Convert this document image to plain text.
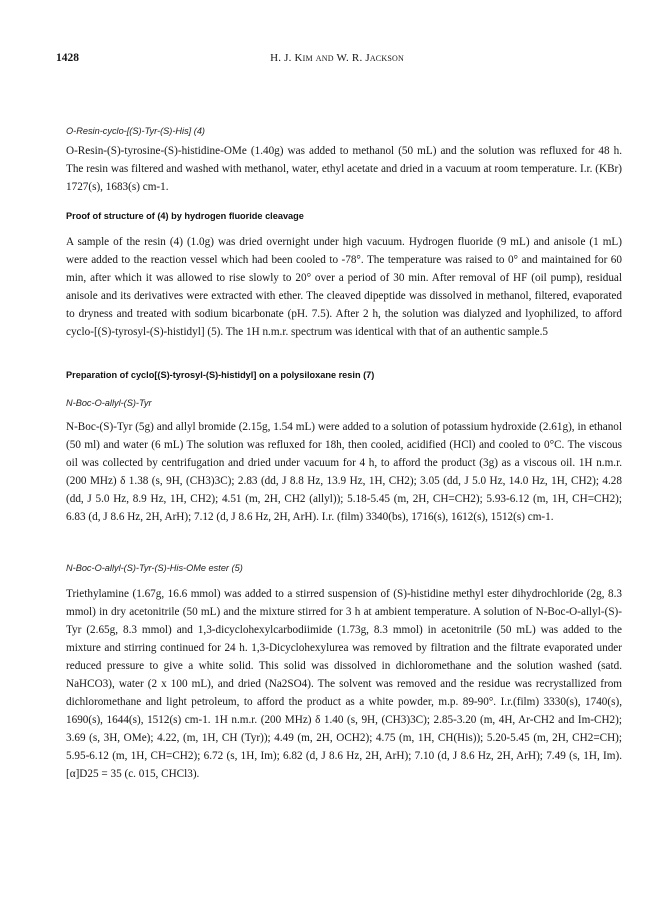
1428	H. J. Kim and W. R. Jackson
O-Resin-cyclo-[(S)-Tyr-(S)-His] (4)
O-Resin-(S)-tyrosine-(S)-histidine-OMe (1.40g) was added to methanol (50 mL) and the solution was refluxed for 48 h. The resin was filtered and washed with methanol, water, ethyl acetate and dried in a vacuum at room temperature. I.r. (KBr) 1727(s), 1683(s) cm-1.
Proof of structure of (4) by hydrogen fluoride cleavage
A sample of the resin (4) (1.0g) was dried overnight under high vacuum. Hydrogen fluoride (9 mL) and anisole (1 mL) were added to the reaction vessel which had been cooled to -78°. The temperature was raised to 0° and maintained for 60 min, after which it was allowed to rise slowly to 20° over a period of 30 min. After removal of HF (oil pump), residual anisole and its derivatives were extracted with ether. The cleaved dipeptide was dissolved in methanol, filtered, evaporated to dryness and treated with sodium bicarbonate (pH. 7.5). After 2 h, the solution was dialyzed and lyophilized, to afford cyclo-[(S)-tyrosyl-(S)-histidyl] (5). The 1H n.m.r. spectrum was identical with that of an authentic sample.5
Preparation of cyclo[(S)-tyrosyl-(S)-histidyl] on a polysiloxane resin (7)
N-Boc-O-allyl-(S)-Tyr
N-Boc-(S)-Tyr (5g) and allyl bromide (2.15g, 1.54 mL) were added to a solution of potassium hydroxide (2.61g), in ethanol (50 ml) and water (6 mL) The solution was refluxed for 18h, then cooled, acidified (HCl) and cooled to 0°C. The viscous oil was collected by centrifugation and dried under vacuum for 4 h, to afford the product (3g) as a viscous oil. 1H n.m.r. (200 MHz) δ 1.38 (s, 9H, (CH3)3C); 2.83 (dd, J 8.8 Hz, 13.9 Hz, 1H, CH2); 3.05 (dd, J 5.0 Hz, 14.0 Hz, 1H, CH2); 4.28 (dd, J 5.0 Hz, 8.9 Hz, 1H, CH2); 4.51 (m, 2H, CH2 (allyl)); 5.18-5.45 (m, 2H, CH=CH2); 5.93-6.12 (m, 1H, CH=CH2); 6.83 (d, J 8.6 Hz, 2H, ArH); 7.12 (d, J 8.6 Hz, 2H, ArH). I.r. (film) 3340(bs), 1716(s), 1612(s), 1512(s) cm-1.
N-Boc-O-allyl-(S)-Tyr-(S)-His-OMe ester (5)
Triethylamine (1.67g, 16.6 mmol) was added to a stirred suspension of (S)-histidine methyl ester dihydrochloride (2g, 8.3 mmol) in dry acetonitrile (50 mL) and the mixture stirred for 3 h at ambient temperature. A solution of N-Boc-O-allyl-(S)-Tyr (2.65g, 8.3 mmol) and 1,3-dicyclohexylcarbodiimide (1.73g, 8.3 mmol) in acetonitrile (50 mL) was added to the mixture and stirring continued for 24 h. 1,3-Dicyclohexylurea was removed by filtration and the filtrate evaporated under reduced pressure to give a white solid. This solid was dissolved in dichloromethane and the solution washed (satd. NaHCO3), water (2 x 100 mL), and dried (Na2SO4). The solvent was removed and the residue was recrystallized from dichloromethane and light petroleum, to afford the product as a white powder, m.p. 89-90°. I.r.(film) 3330(s), 1740(s), 1690(s), 1644(s), 1512(s) cm-1. 1H n.m.r. (200 MHz) δ 1.40 (s, 9H, (CH3)3C); 2.85-3.20 (m, 4H, Ar-CH2 and Im-CH2); 3.69 (s, 3H, OMe); 4.22, (m, 1H, CH (Tyr)); 4.49 (m, 2H, OCH2); 4.75 (m, 1H, CH(His)); 5.20-5.45 (m, 2H, CH2=CH); 5.95-6.12 (m, 1H, CH=CH2); 6.72 (s, 1H, Im); 6.82 (d, J 8.6 Hz, 2H, ArH); 7.10 (d, J 8.6 Hz, 2H, ArH); 7.49 (s, 1H, Im). [α]D25 = 35 (c. 015, CHCl3).
